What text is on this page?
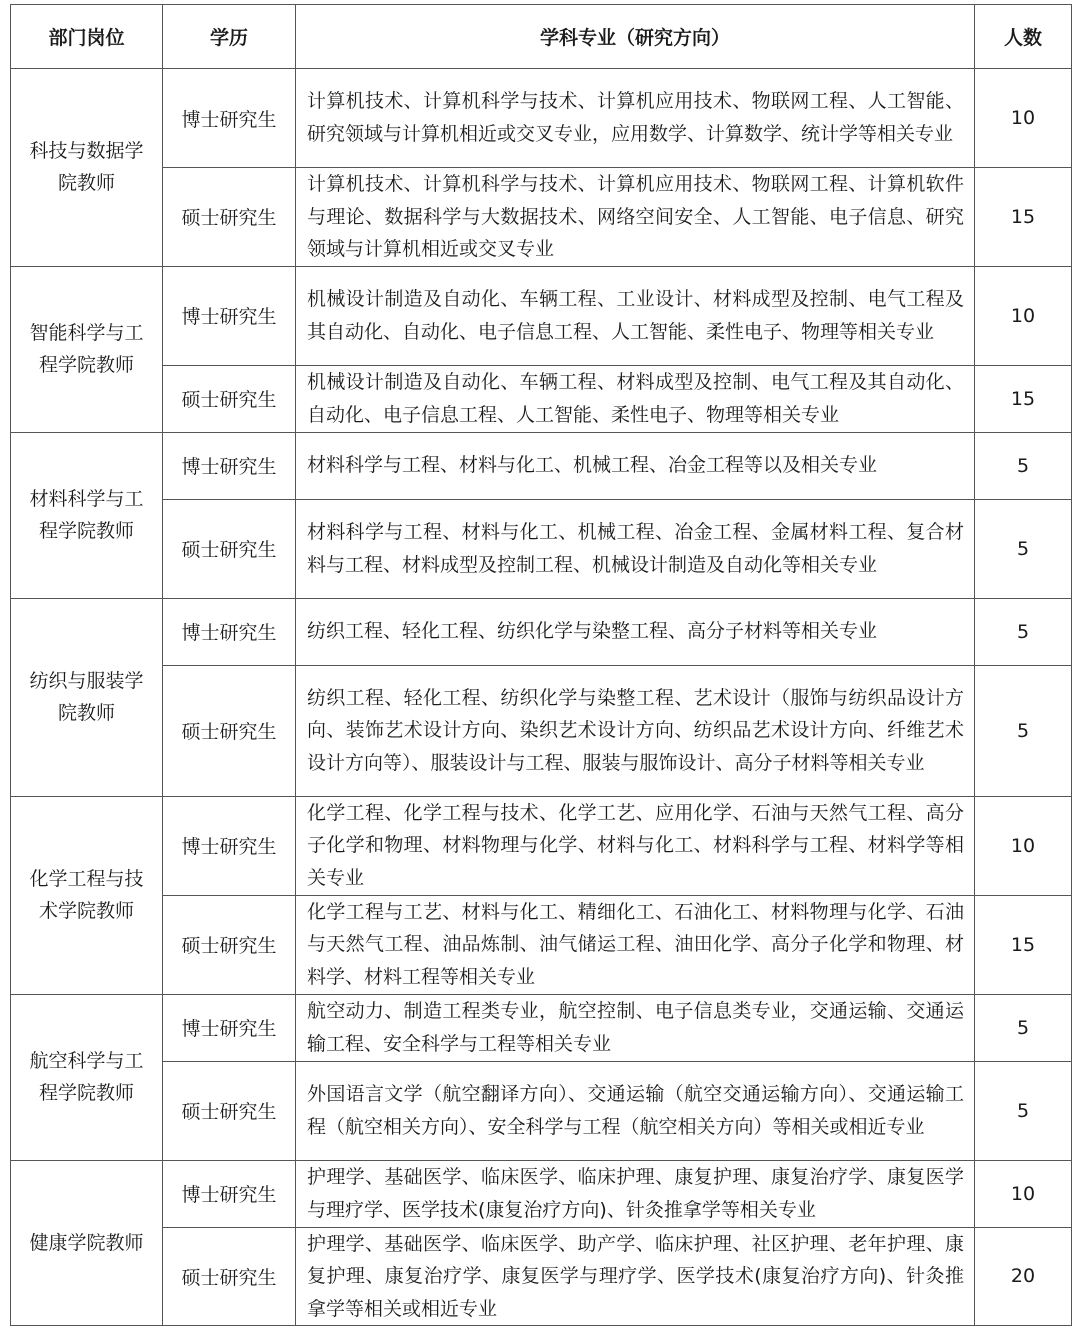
部门岗位	学历	学科专业（研究方向）	人数
科技与数据学院教师	博士研究生	计算机技术、计算机科学与技术、计算机应用技术、物联网工程、人工智能、研究领域与计算机相近或交叉专业，应用数学、计算数学、统计学等相关专业	10
	硕士研究生	计算机技术、计算机科学与技术、计算机应用技术、物联网工程、计算机软件与理论、数据科学与大数据技术、网络空间安全、人工智能、电子信息、研究领域与计算机相近或交叉专业	15
智能科学与工程学院教师	博士研究生	机械设计制造及自动化、车辆工程、工业设计、材料成型及控制、电气工程及其自动化、自动化、电子信息工程、人工智能、柔性电子、物理等相关专业	10
	硕士研究生	机械设计制造及自动化、车辆工程、材料成型及控制、电气工程及其自动化、自动化、电子信息工程、人工智能、柔性电子、物理等相关专业	15
材料科学与工程学院教师	博士研究生	材料科学与工程、材料与化工、机械工程、冶金工程等以及相关专业	5
	硕士研究生	材料科学与工程、材料与化工、机械工程、冶金工程、金属材料工程、复合材料与工程、材料成型及控制工程、机械设计制造及自动化等相关专业	5
纺织与服装学院教师	博士研究生	纺织工程、轻化工程、纺织化学与染整工程、高分子材料等相关专业	5
	硕士研究生	纺织工程、轻化工程、纺织化学与染整工程、艺术设计（服饰与纺织品设计方向、装饰艺术设计方向、染织艺术设计方向、纺织品艺术设计方向、纤维艺术设计方向等）、服装设计与工程、服装与服饰设计、高分子材料等相关专业	5
化学工程与技术学院教师	博士研究生	化学工程、化学工程与技术、化学工艺、应用化学、石油与天然气工程、高分子化学和物理、材料物理与化学、材料与化工、材料科学与工程、材料学等相关专业	10
	硕士研究生	化学工程与工艺、材料与化工、精细化工、石油化工、材料物理与化学、石油与天然气工程、油品炼制、油气储运工程、油田化学、高分子化学和物理、材料学、材料工程等相关专业	15
航空科学与工程学院教师	博士研究生	航空动力、制造工程类专业，航空控制、电子信息类专业，交通运输、交通运输工程、安全科学与工程等相关专业	5
	硕士研究生	外国语言文学（航空翻译方向）、交通运输（航空交通运输方向）、交通运输工程（航空相关方向）、安全科学与工程（航空相关方向）等相关或相近专业	5
健康学院教师	博士研究生	护理学、基础医学、临床医学、临床护理、康复护理、康复治疗学、康复医学与理疗学、医学技术(康复治疗方向)、针灸推拿学等相关专业	10
	硕士研究生	护理学、基础医学、临床医学、助产学、临床护理、社区护理、老年护理、康复护理、康复治疗学、康复医学与理疗学、医学技术(康复治疗方向)、针灸推拿学等相关或相近专业	20
